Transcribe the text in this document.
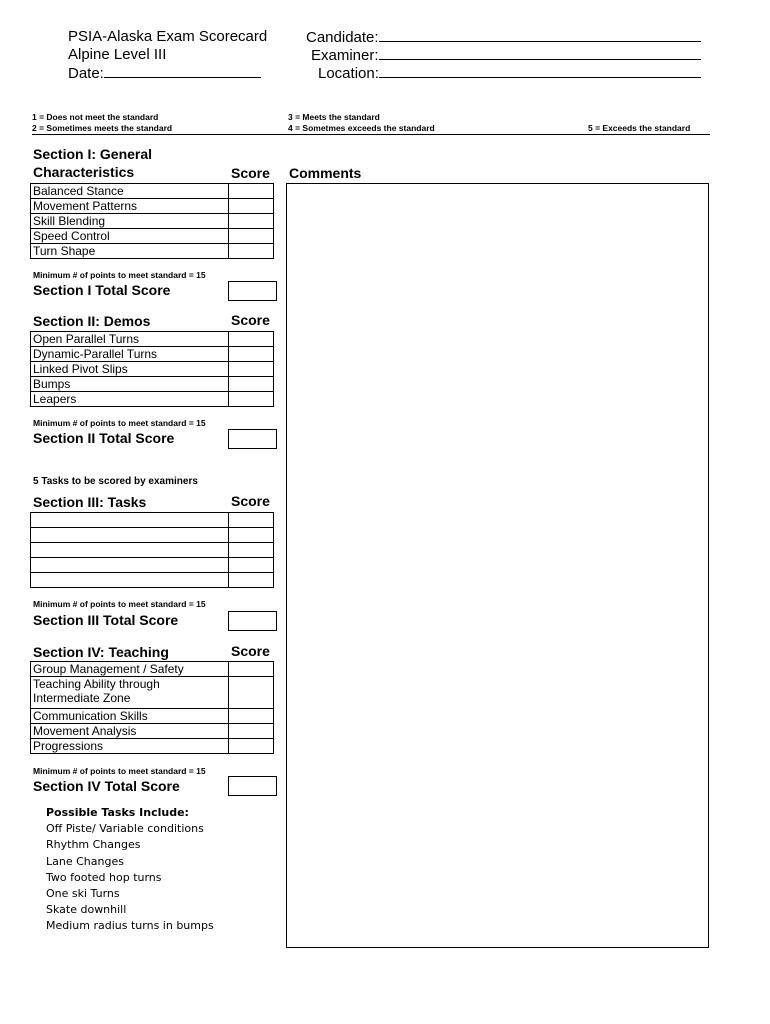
PSIA-Alaska Exam Scorecard
Alpine Level III
Date:
Candidate:
Examiner:
Location:
1 = Does not meet the standard
2 = Sometimes meets the standard
3 = Meets the standard
4 = Sometmes exceeds the standard	5 = Exceeds the standard
Section I: General
Characteristics	Score Comments
Balanced Stance	
Movement Patterns	
Skill Blending	
Speed Control	
Turn Shape	
Minimum # of points to meet standard = 15
Section I Total Score
Section II: Demos	Score
Open Parallel Turns	
Dynamic-Parallel Turns	
Linked Pivot Slips	
Bumps	
Leapers	
Minimum # of points to meet standard = 15
Section II Total Score
5 Tasks to be scored by examiners
Section III: Tasks	Score

Minimum # of points to meet standard = 15
Section III Total Score
Section IV: Teaching	Score
Group Management / Safety	

Teaching Ability through
Intermediate Zone	

Communication Skills	
Movement Analysis	
Progressions	
Minimum # of points to meet standard = 15
Section IV Total Score
Possible Tasks Include:
Off Piste/ Variable conditions
Rhythm Changes
Lane Changes
Two footed hop turns
One ski Turns
Skate downhill
Medium radius turns in bumps
